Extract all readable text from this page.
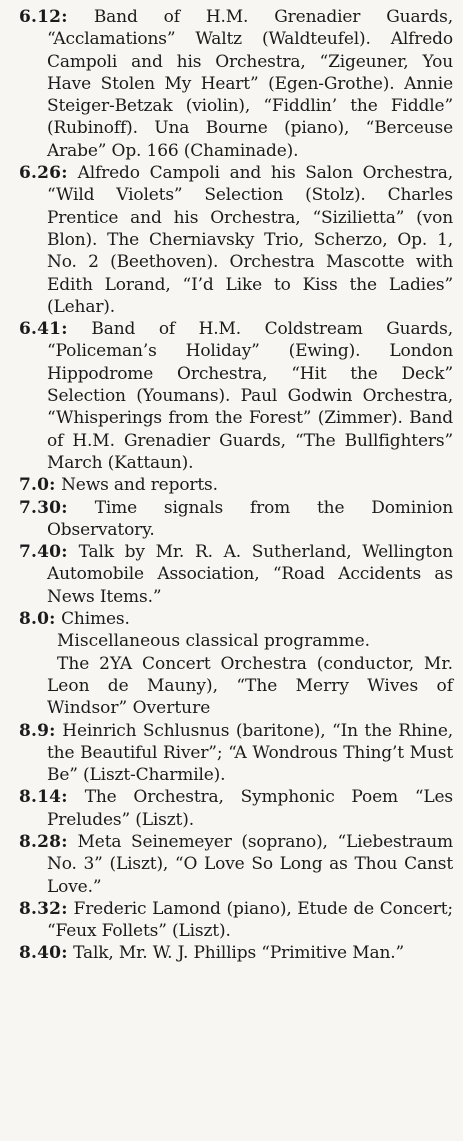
6.12: Band of H.M. Grenadier Guards, “Acclamations” Waltz (Waldteufel). Alfredo Campoli and his Orchestra, “Zigeuner, You Have Stolen My Heart” (Egen-Grothe). Annie Steiger-Betzak (violin), “Fiddlin’ the Fiddle” (Rubinoff). Una Bourne (piano), “Berceuse Arabe” Op. 166 (Chaminade).

6.26: Alfredo Campoli and his Salon Orchestra, “Wild Violets” Selection (Stolz). Charles Prentice and his Orchestra, “Sizilietta” (von Blon). The Cherniavsky Trio, Scherzo, Op. 1, No. 2 (Beethoven). Orchestra Mascotte with Edith Lorand, “I’d Like to Kiss the Ladies” (Lehar).

6.41: Band of H.M. Coldstream Guards, “Policeman’s Holiday” (Ewing). London Hippodrome Orchestra, “Hit the Deck” Selection (Youmans). Paul Godwin Orchestra, “Whisperings from the Forest” (Zimmer). Band of H.M. Grenadier Guards, “The Bullfighters” March (Kattaun).

7.0: News and reports.

7.30: Time signals from the Dominion Observatory.

7.40: Talk by Mr. R. A. Sutherland, Wellington Automobile Association, “Road Accidents as News Items.”

8.0: Chimes.

Miscellaneous classical programme.

The 2YA Concert Orchestra (conductor, Mr. Leon de Mauny), “The Merry Wives of Windsor” Overture

8.9: Heinrich Schlusnus (baritone), “In the Rhine, the Beautiful River”; “A Wondrous Thing’t Must Be” (Liszt-Charmile).

8.14: The Orchestra, Symphonic Poem “Les Preludes” (Liszt).

8.28: Meta Seinemeyer (soprano), “Liebestraum No. 3” (Liszt), “O Love So Long as Thou Canst Love.”

8.32: Frederic Lamond (piano), Etude de Concert; “Feux Follets” (Liszt).

8.40: Talk, Mr. W. J. Phillips “Primitive Man.”
